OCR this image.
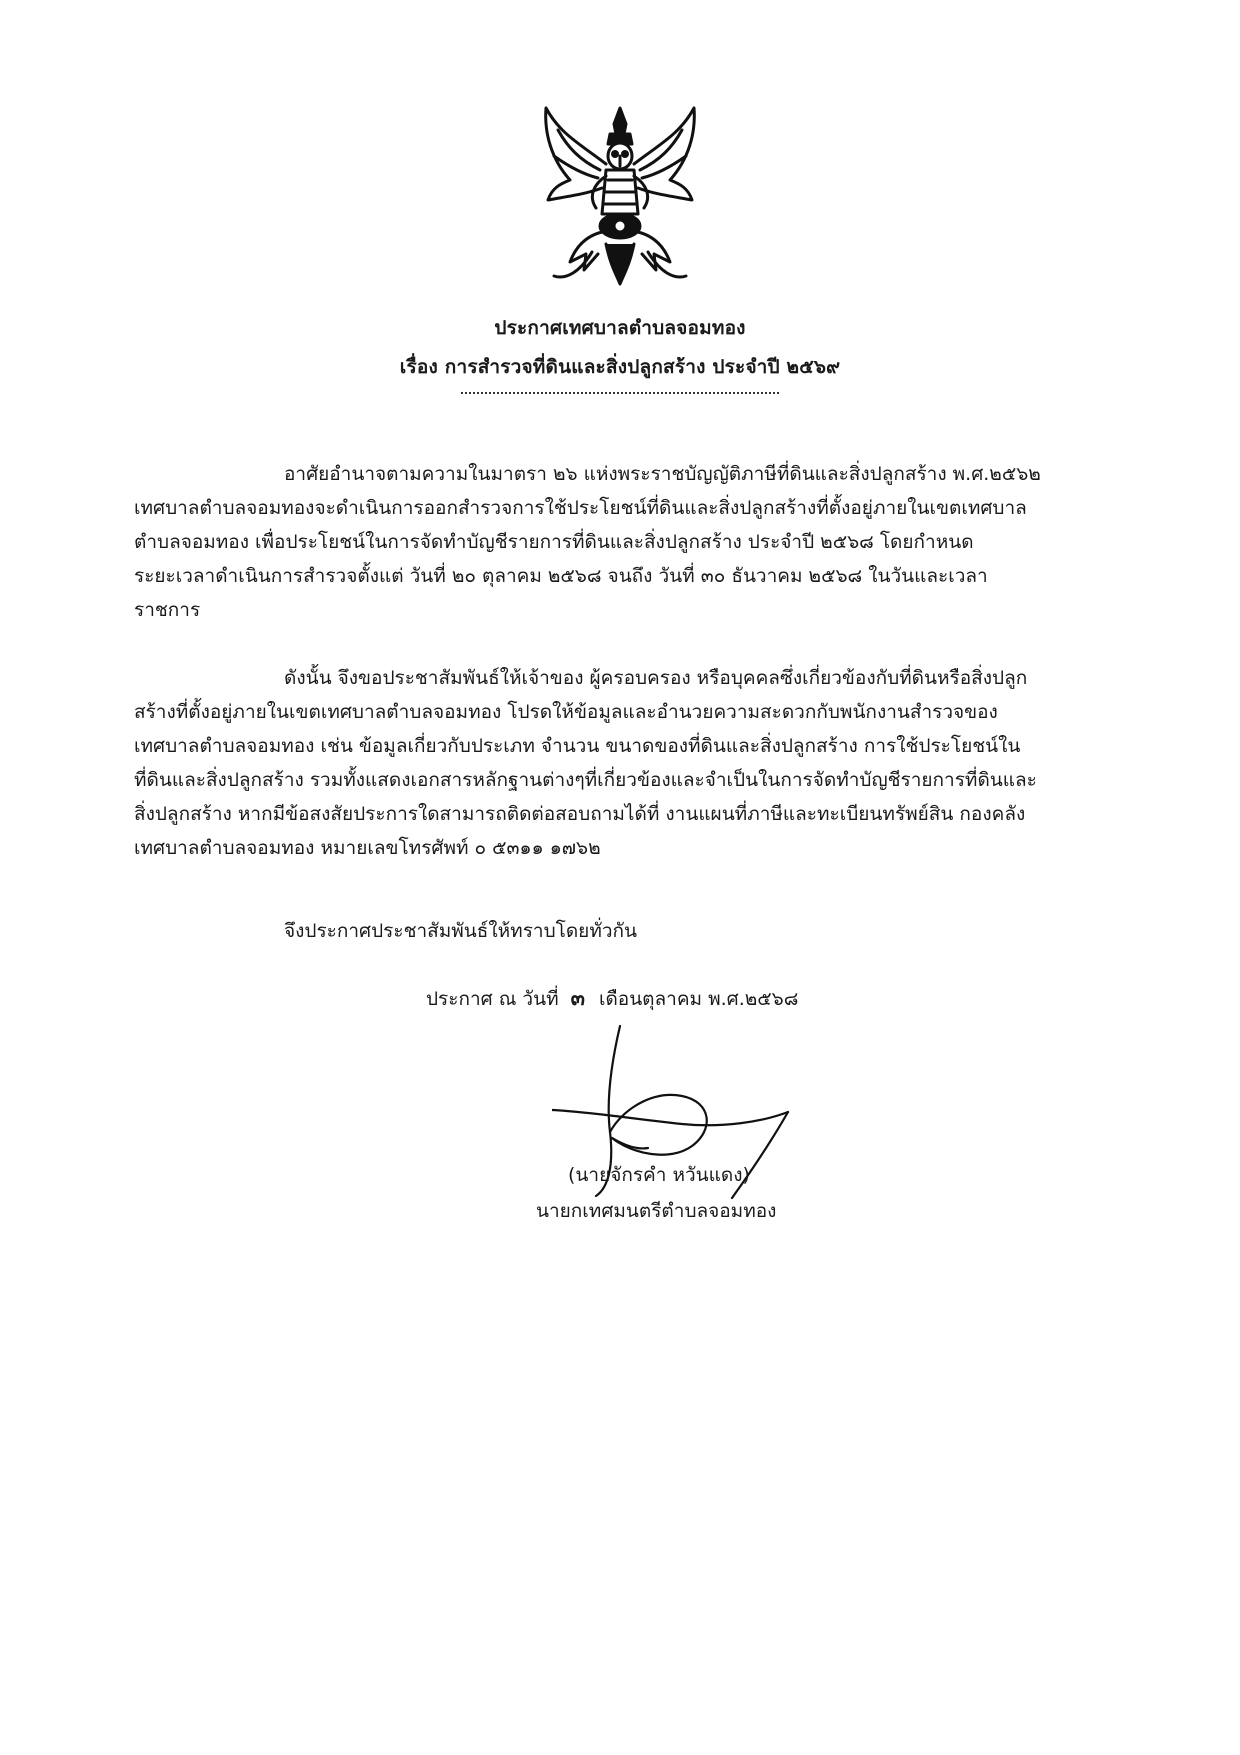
ประกาศเทศบาลตำบลจอมทอง
เรื่อง การสำรวจที่ดินและสิ่งปลูกสร้าง ประจำปี ๒๕๖๙
อาศัยอำนาจตามความในมาตรา ๒๖ แห่งพระราชบัญญัติภาษีที่ดินและสิ่งปลูกสร้าง พ.ศ.๒๕๖๒
เทศบาลตำบลจอมทองจะดำเนินการออกสำรวจการใช้ประโยชน์ที่ดินและสิ่งปลูกสร้างที่ตั้งอยู่ภายในเขตเทศบาล
ตำบลจอมทอง เพื่อประโยชน์ในการจัดทำบัญชีรายการที่ดินและสิ่งปลูกสร้าง ประจำปี ๒๕๖๘ โดยกำหนด
ระยะเวลาดำเนินการสำรวจตั้งแต่ วันที่ ๒๐ ตุลาคม ๒๕๖๘ จนถึง วันที่ ๓๐ ธันวาคม ๒๕๖๘ ในวันและเวลา
ราชการ
ดังนั้น จึงขอประชาสัมพันธ์ให้เจ้าของ ผู้ครอบครอง หรือบุคคลซึ่งเกี่ยวข้องกับที่ดินหรือสิ่งปลูก
สร้างที่ตั้งอยู่ภายในเขตเทศบาลตำบลจอมทอง โปรดให้ข้อมูลและอำนวยความสะดวกกับพนักงานสำรวจของ
เทศบาลตำบลจอมทอง เช่น ข้อมูลเกี่ยวกับประเภท จำนวน ขนาดของที่ดินและสิ่งปลูกสร้าง การใช้ประโยชน์ใน
ที่ดินและสิ่งปลูกสร้าง รวมทั้งแสดงเอกสารหลักฐานต่างๆที่เกี่ยวข้องและจำเป็นในการจัดทำบัญชีรายการที่ดินและ
สิ่งปลูกสร้าง หากมีข้อสงสัยประการใดสามารถติดต่อสอบถามได้ที่ งานแผนที่ภาษีและทะเบียนทรัพย์สิน กองคลัง
เทศบาลตำบลจอมทอง หมายเลขโทรศัพท์ ๐ ๕๓๑๑ ๑๗๖๒
จึงประกาศประชาสัมพันธ์ให้ทราบโดยทั่วกัน
ประกาศ ณ วันที่ ๓ เดือนตุลาคม พ.ศ.๒๕๖๘
(นายจักรคำ หวันแดง)
นายกเทศมนตรีตำบลจอมทอง
